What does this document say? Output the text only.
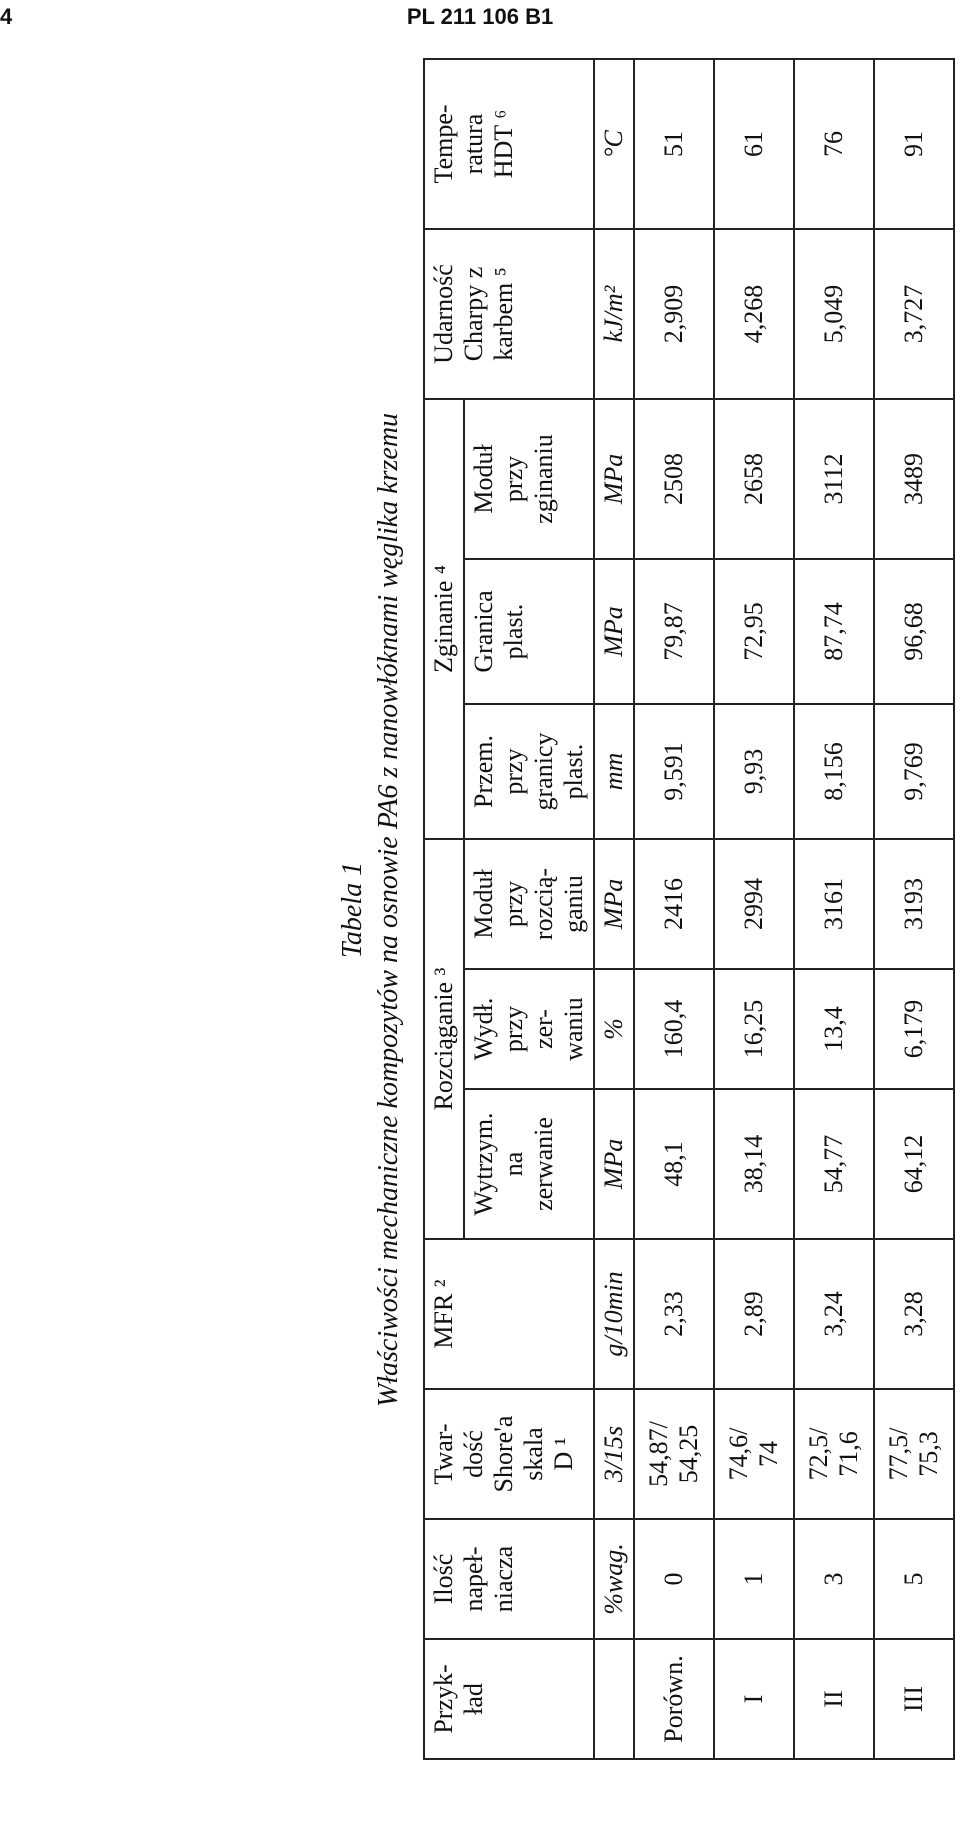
4	PL 211 106 B1
Tabela 1 Właściwości mechaniczne kompozytów na osnowie PA6 z nanowłóknami węglika krzemu
Przyk-
ład	Ilość
napeł-
niacza	Twar-
dość
Shore'a
skala
D ¹	MFR ²	Rozciąganie ³			Zginanie ⁴			Udarność
Charpy z
karbem ⁵	Tempe-
ratura
HDT ⁶
				Wytrzym.
na
zerwanie	Wydł.
przy
zer-
waniu	Moduł
przy
rozcią-
ganiu	Przem.
przy
granicy
plast.	Granica
plast.	Moduł
przy
zginaniu		
	%wag.	3/15s	g/10min	MPa	%	MPa	mm	MPa	MPa	kJ/m²	°C
Porówn.	0	54,87/
54,25	2,33	48,1	160,4	2416	9,591	79,87	2508	2,909	51
I	1	74,6/
74	2,89	38,14	16,25	2994	9,93	72,95	2658	4,268	61
II	3	72,5/
71,6	3,24	54,77	13,4	3161	8,156	87,74	3112	5,049	76
III	5	77,5/
75,3	3,28	64,12	6,179	3193	9,769	96,68	3489	3,727	91
